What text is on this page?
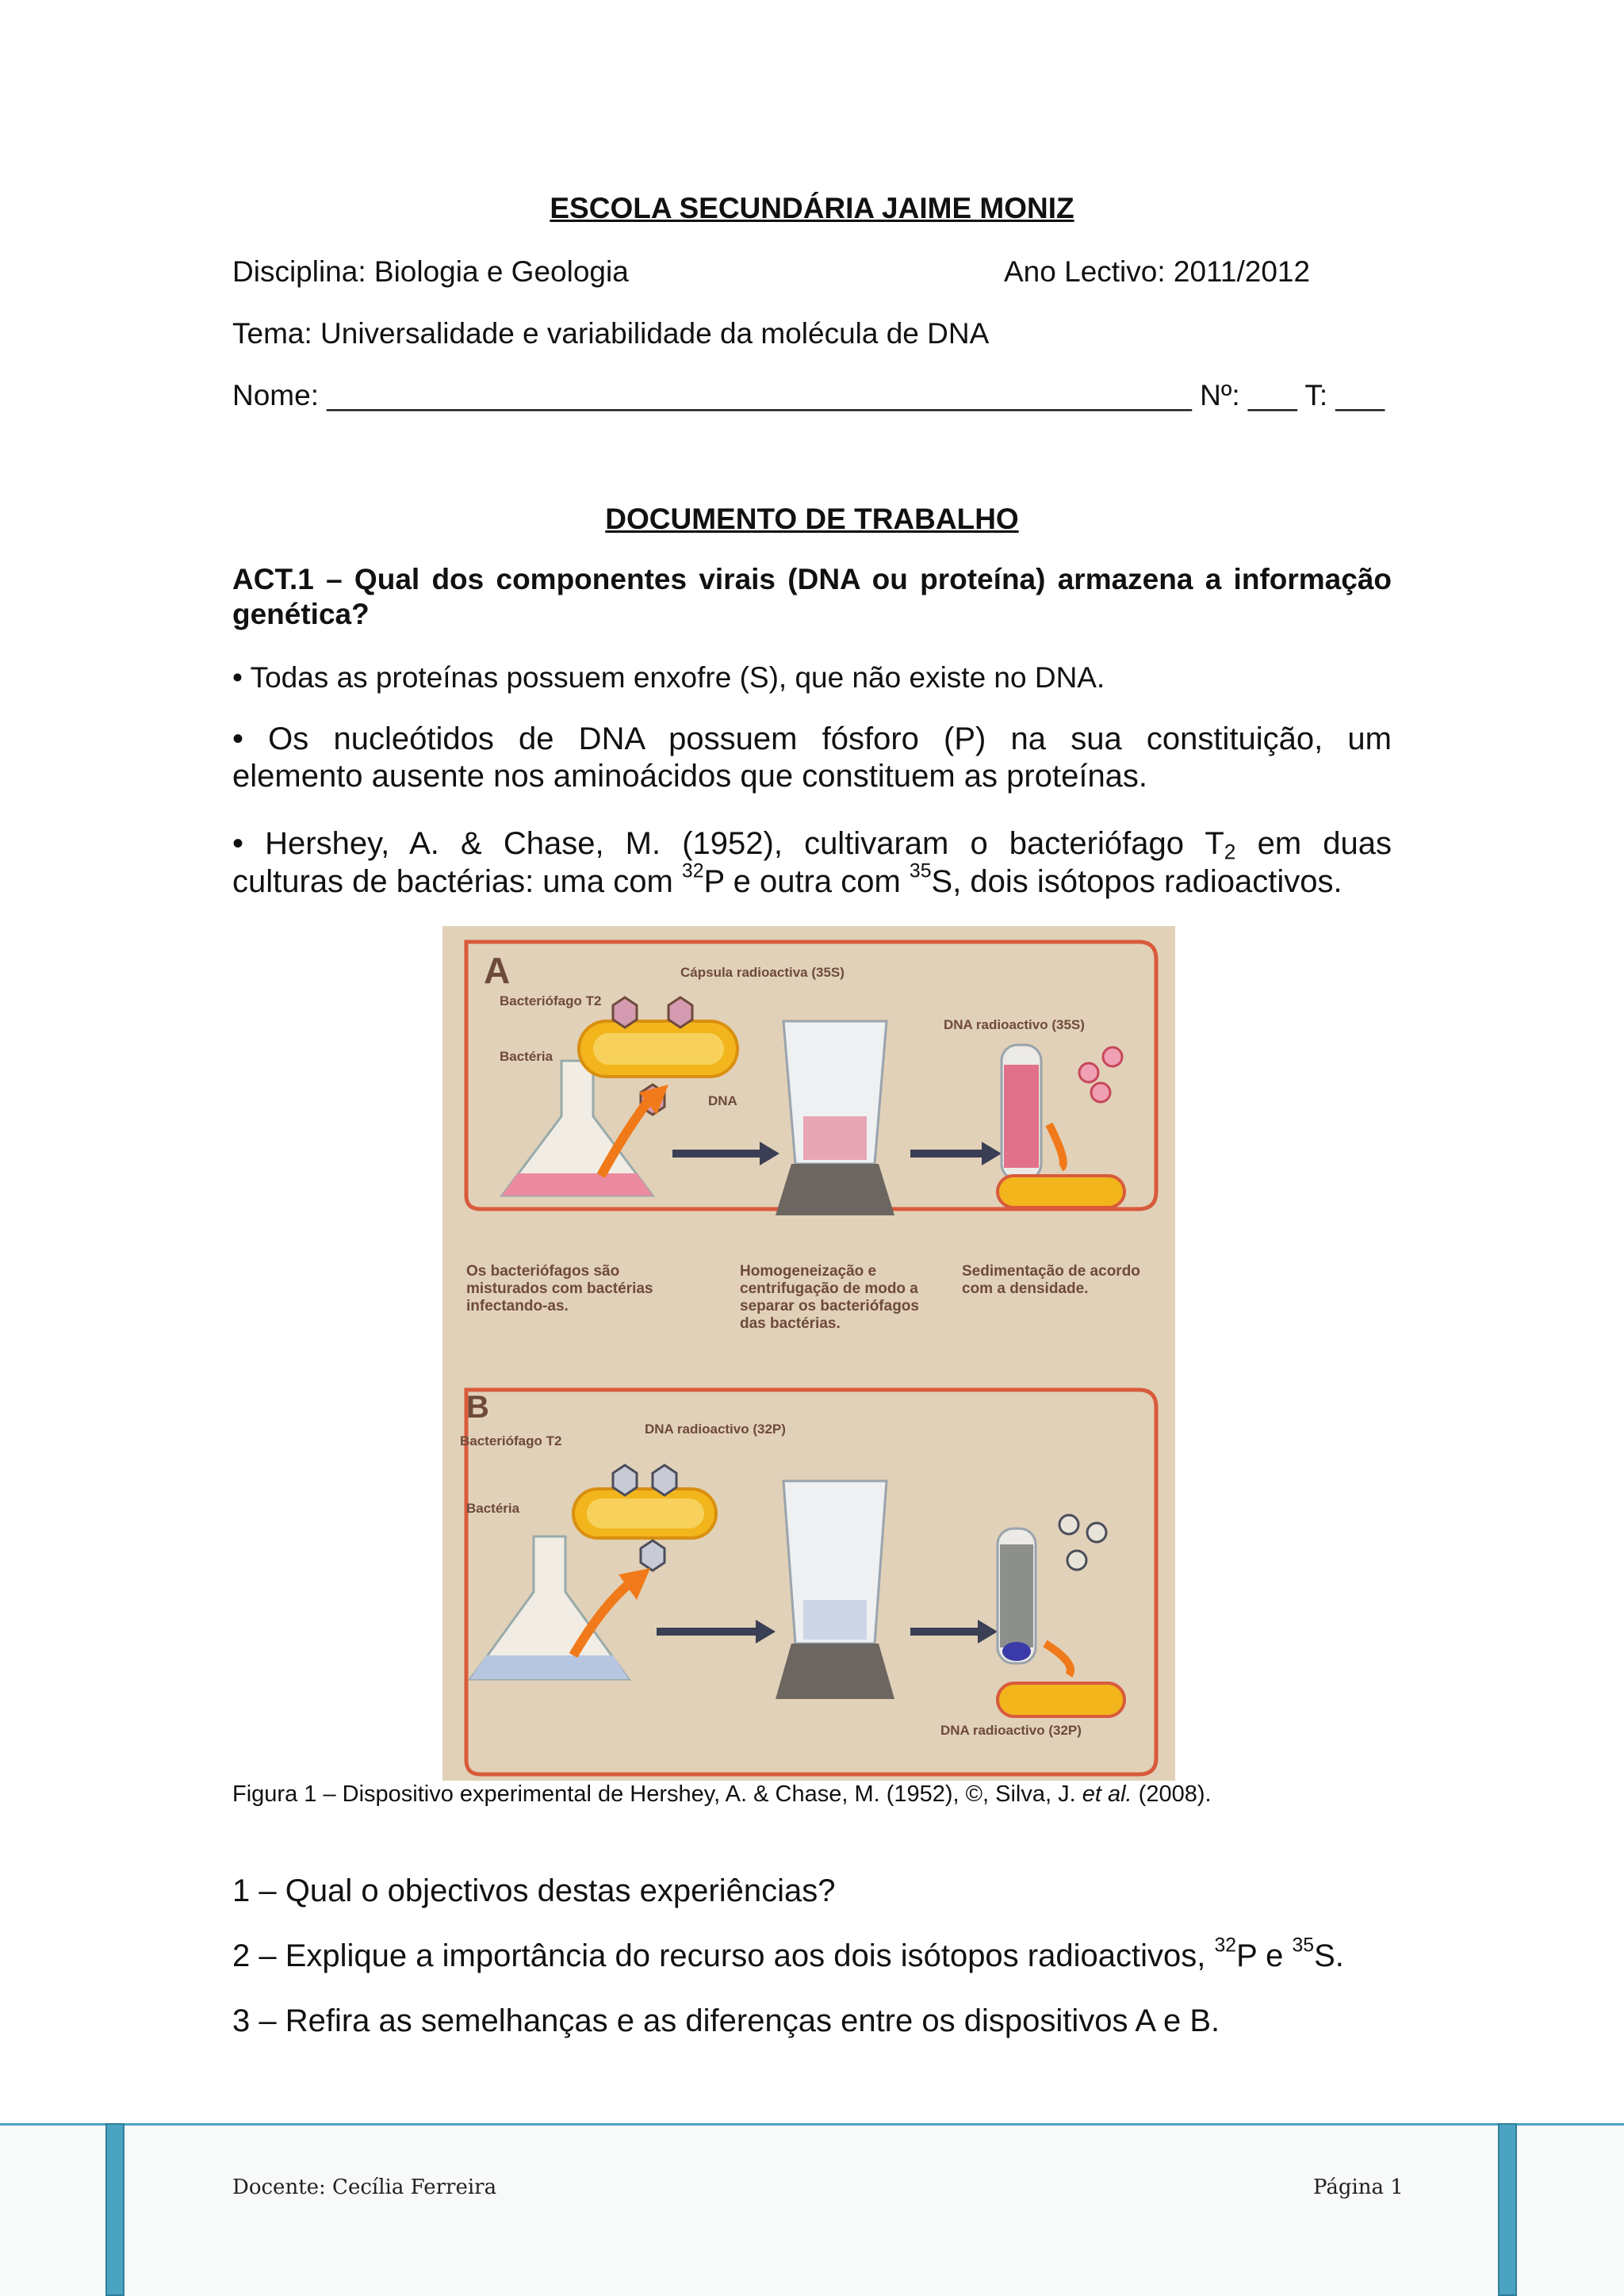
ESCOLA SECUNDÁRIA JAIME MONIZ
Disciplina: Biologia e Geologia	Ano Lectivo: 2011/2012
Tema: Universalidade e variabilidade da molécula de DNA
Nome: _____________________________________________________ Nº: ___ T: ___
DOCUMENTO DE TRABALHO
ACT.1 – Qual dos componentes virais (DNA ou proteína) armazena a informação
genética?
• Todas as proteínas possuem enxofre (S), que não existe no DNA.
• Os nucleótidos de DNA possuem fósforo (P) na sua constituição, um
elemento ausente nos aminoácidos que constituem as proteínas.
• Hershey, A. & Chase, M. (1952), cultivaram o bacteriófago $T_2$ em duas
culturas de bactérias: uma com $^{32}$P e outra com $^{35}$S, dois isótopos radioactivos.
A
Bacteriófago T2
Cápsula radioactiva (35S)
Bactéria
DNA
DNA radioactivo (35S)
Os bacteriófagos são misturados com bactérias infectando-as.
Homogeneização e centrifugação de modo a separar os bacteriófagos das bactérias.
Sedimentação de acordo com a densidade.
B
Bacteriófago T2
DNA radioactivo (32P)
Bactéria
DNA radioactivo (32P)
Figura 1 – Dispositivo experimental de Hershey, A. & Chase, M. (1952), ©, Silva, J. et al. (2008).
1 – Qual o objectivos destas experiências?
2 – Explique a importância do recurso aos dois isótopos radioactivos, $^{32}$P e $^{35}$S.
3 – Refira as semelhanças e as diferenças entre os dispositivos A e B.
Docente: Cecília Ferreira	Página 1
